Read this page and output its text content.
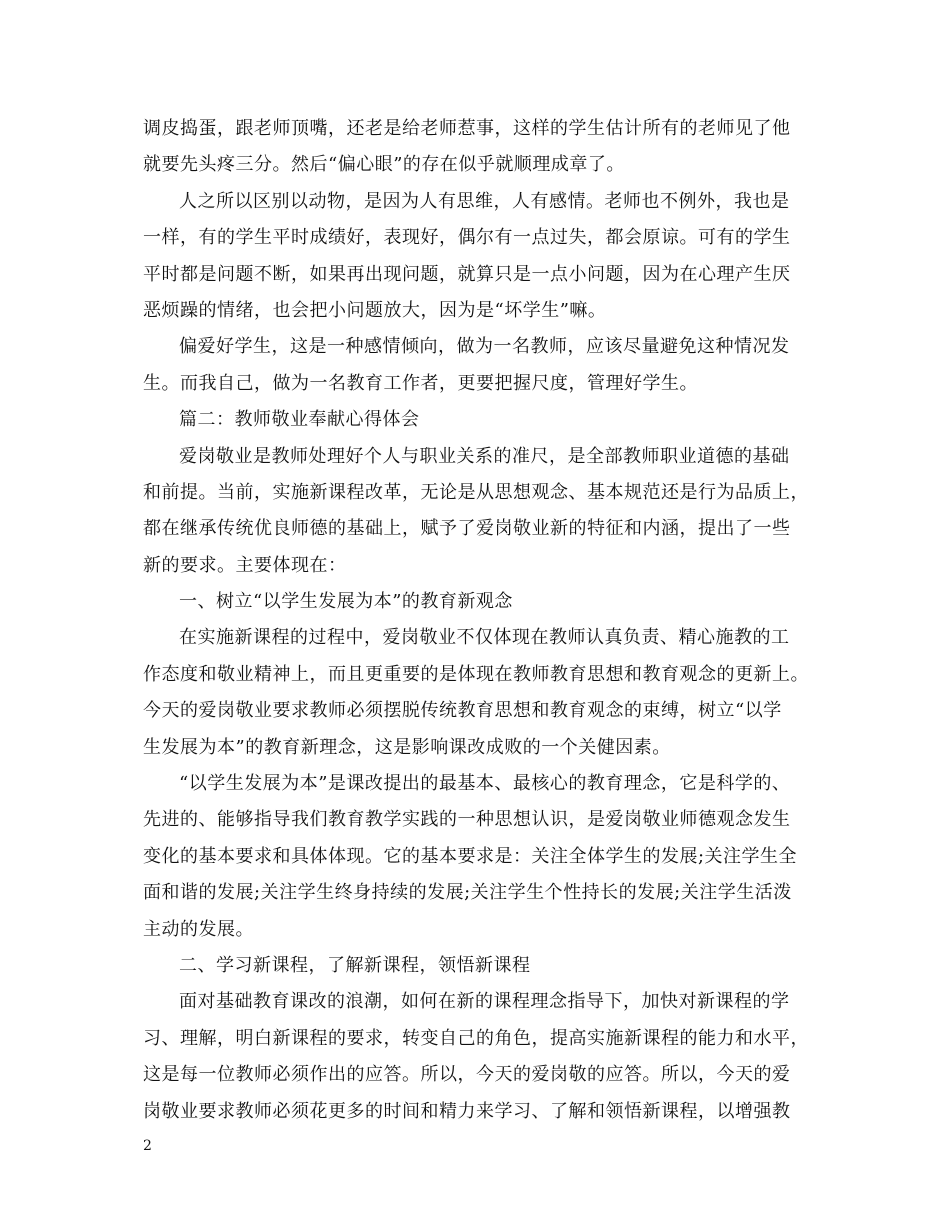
调皮捣蛋，跟老师顶嘴，还老是给老师惹事，这样的学生估计所有的老师见了他
就要先头疼三分。然后“偏心眼”的存在似乎就顺理成章了。
人之所以区别以动物，是因为人有思维，人有感情。老师也不例外，我也是
一样，有的学生平时成绩好，表现好，偶尔有一点过失，都会原谅。可有的学生
平时都是问题不断，如果再出现问题，就算只是一点小问题，因为在心理产生厌
恶烦躁的情绪，也会把小问题放大，因为是“坏学生”嘛。
偏爱好学生，这是一种感情倾向，做为一名教师，应该尽量避免这种情况发
生。而我自己，做为一名教育工作者，更要把握尺度，管理好学生。
篇二：教师敬业奉献心得体会
爱岗敬业是教师处理好个人与职业关系的准尺，是全部教师职业道德的基础
和前提。当前，实施新课程改革，无论是从思想观念、基本规范还是行为品质上，
都在继承传统优良师德的基础上，赋予了爱岗敬业新的特征和内涵，提出了一些
新的要求。主要体现在：
一、树立“以学生发展为本”的教育新观念
在实施新课程的过程中，爱岗敬业不仅体现在教师认真负责、精心施教的工
作态度和敬业精神上，而且更重要的是体现在教师教育思想和教育观念的更新上。
今天的爱岗敬业要求教师必须摆脱传统教育思想和教育观念的束缚，树立“以学
生发展为本”的教育新理念，这是影响课改成败的一个关健因素。
“以学生发展为本”是课改提出的最基本、最核心的教育理念，它是科学的、
先进的、能够指导我们教育教学实践的一种思想认识，是爱岗敬业师德观念发生
变化的基本要求和具体体现。它的基本要求是：关注全体学生的发展;关注学生全
面和谐的发展;关注学生终身持续的发展;关注学生个性持长的发展;关注学生活泼
主动的发展。
二、学习新课程，了解新课程，领悟新课程
面对基础教育课改的浪潮，如何在新的课程理念指导下，加快对新课程的学
习、理解，明白新课程的要求，转变自己的角色，提高实施新课程的能力和水平，
这是每一位教师必须作出的应答。所以，今天的爱岗敬的应答。所以，今天的爱
岗敬业要求教师必须花更多的时间和精力来学习、了解和领悟新课程，以增强教
2
